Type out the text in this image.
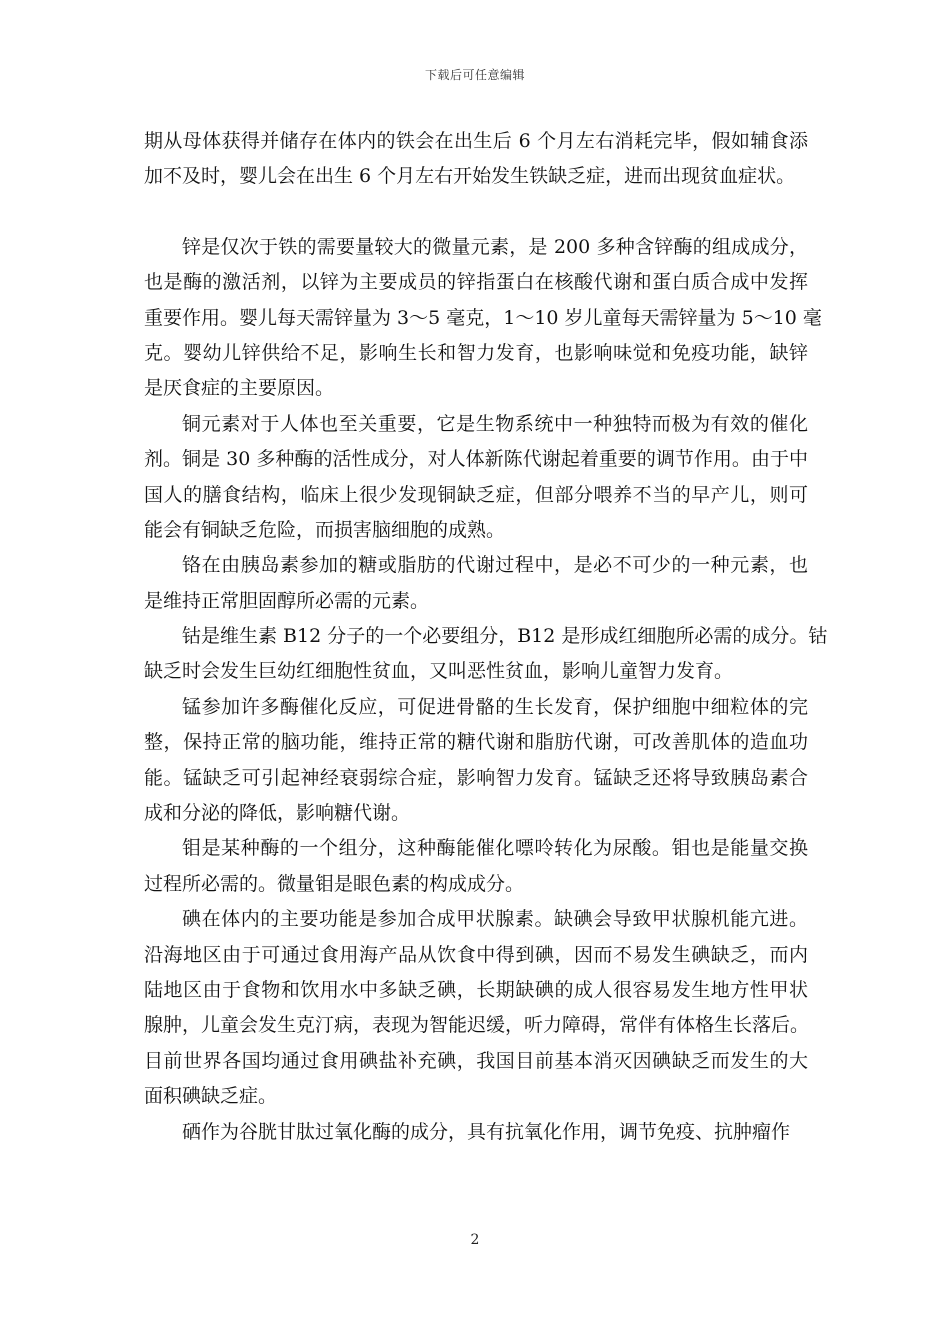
下载后可任意编辑
期从母体获得并储存在体内的铁会在出生后 6 个月左右消耗完毕，假如辅食添
加不及时，婴儿会在出生 6 个月左右开始发生铁缺乏症，进而出现贫血症状。
锌是仅次于铁的需要量较大的微量元素，是 200 多种含锌酶的组成成分，
也是酶的激活剂，以锌为主要成员的锌指蛋白在核酸代谢和蛋白质合成中发挥
重要作用。婴儿每天需锌量为 3～5 毫克，1～10 岁儿童每天需锌量为 5～10 毫
克。婴幼儿锌供给不足，影响生长和智力发育，也影响味觉和免疫功能，缺锌
是厌食症的主要原因。
铜元素对于人体也至关重要，它是生物系统中一种独特而极为有效的催化
剂。铜是 30 多种酶的活性成分，对人体新陈代谢起着重要的调节作用。由于中
国人的膳食结构，临床上很少发现铜缺乏症，但部分喂养不当的早产儿，则可
能会有铜缺乏危险，而损害脑细胞的成熟。
铬在由胰岛素参加的糖或脂肪的代谢过程中，是必不可少的一种元素，也
是维持正常胆固醇所必需的元素。
钴是维生素 B12 分子的一个必要组分，B12 是形成红细胞所必需的成分。钴
缺乏时会发生巨幼红细胞性贫血，又叫恶性贫血，影响儿童智力发育。
锰参加许多酶催化反应，可促进骨骼的生长发育，保护细胞中细粒体的完
整，保持正常的脑功能，维持正常的糖代谢和脂肪代谢，可改善肌体的造血功
能。锰缺乏可引起神经衰弱综合症，影响智力发育。锰缺乏还将导致胰岛素合
成和分泌的降低，影响糖代谢。
钼是某种酶的一个组分，这种酶能催化嘌呤转化为尿酸。钼也是能量交换
过程所必需的。微量钼是眼色素的构成成分。
碘在体内的主要功能是参加合成甲状腺素。缺碘会导致甲状腺机能亢进。
沿海地区由于可通过食用海产品从饮食中得到碘，因而不易发生碘缺乏，而内
陆地区由于食物和饮用水中多缺乏碘，长期缺碘的成人很容易发生地方性甲状
腺肿，儿童会发生克汀病，表现为智能迟缓，听力障碍，常伴有体格生长落后。
目前世界各国均通过食用碘盐补充碘，我国目前基本消灭因碘缺乏而发生的大
面积碘缺乏症。
硒作为谷胱甘肽过氧化酶的成分，具有抗氧化作用，调节免疫、抗肿瘤作
2
